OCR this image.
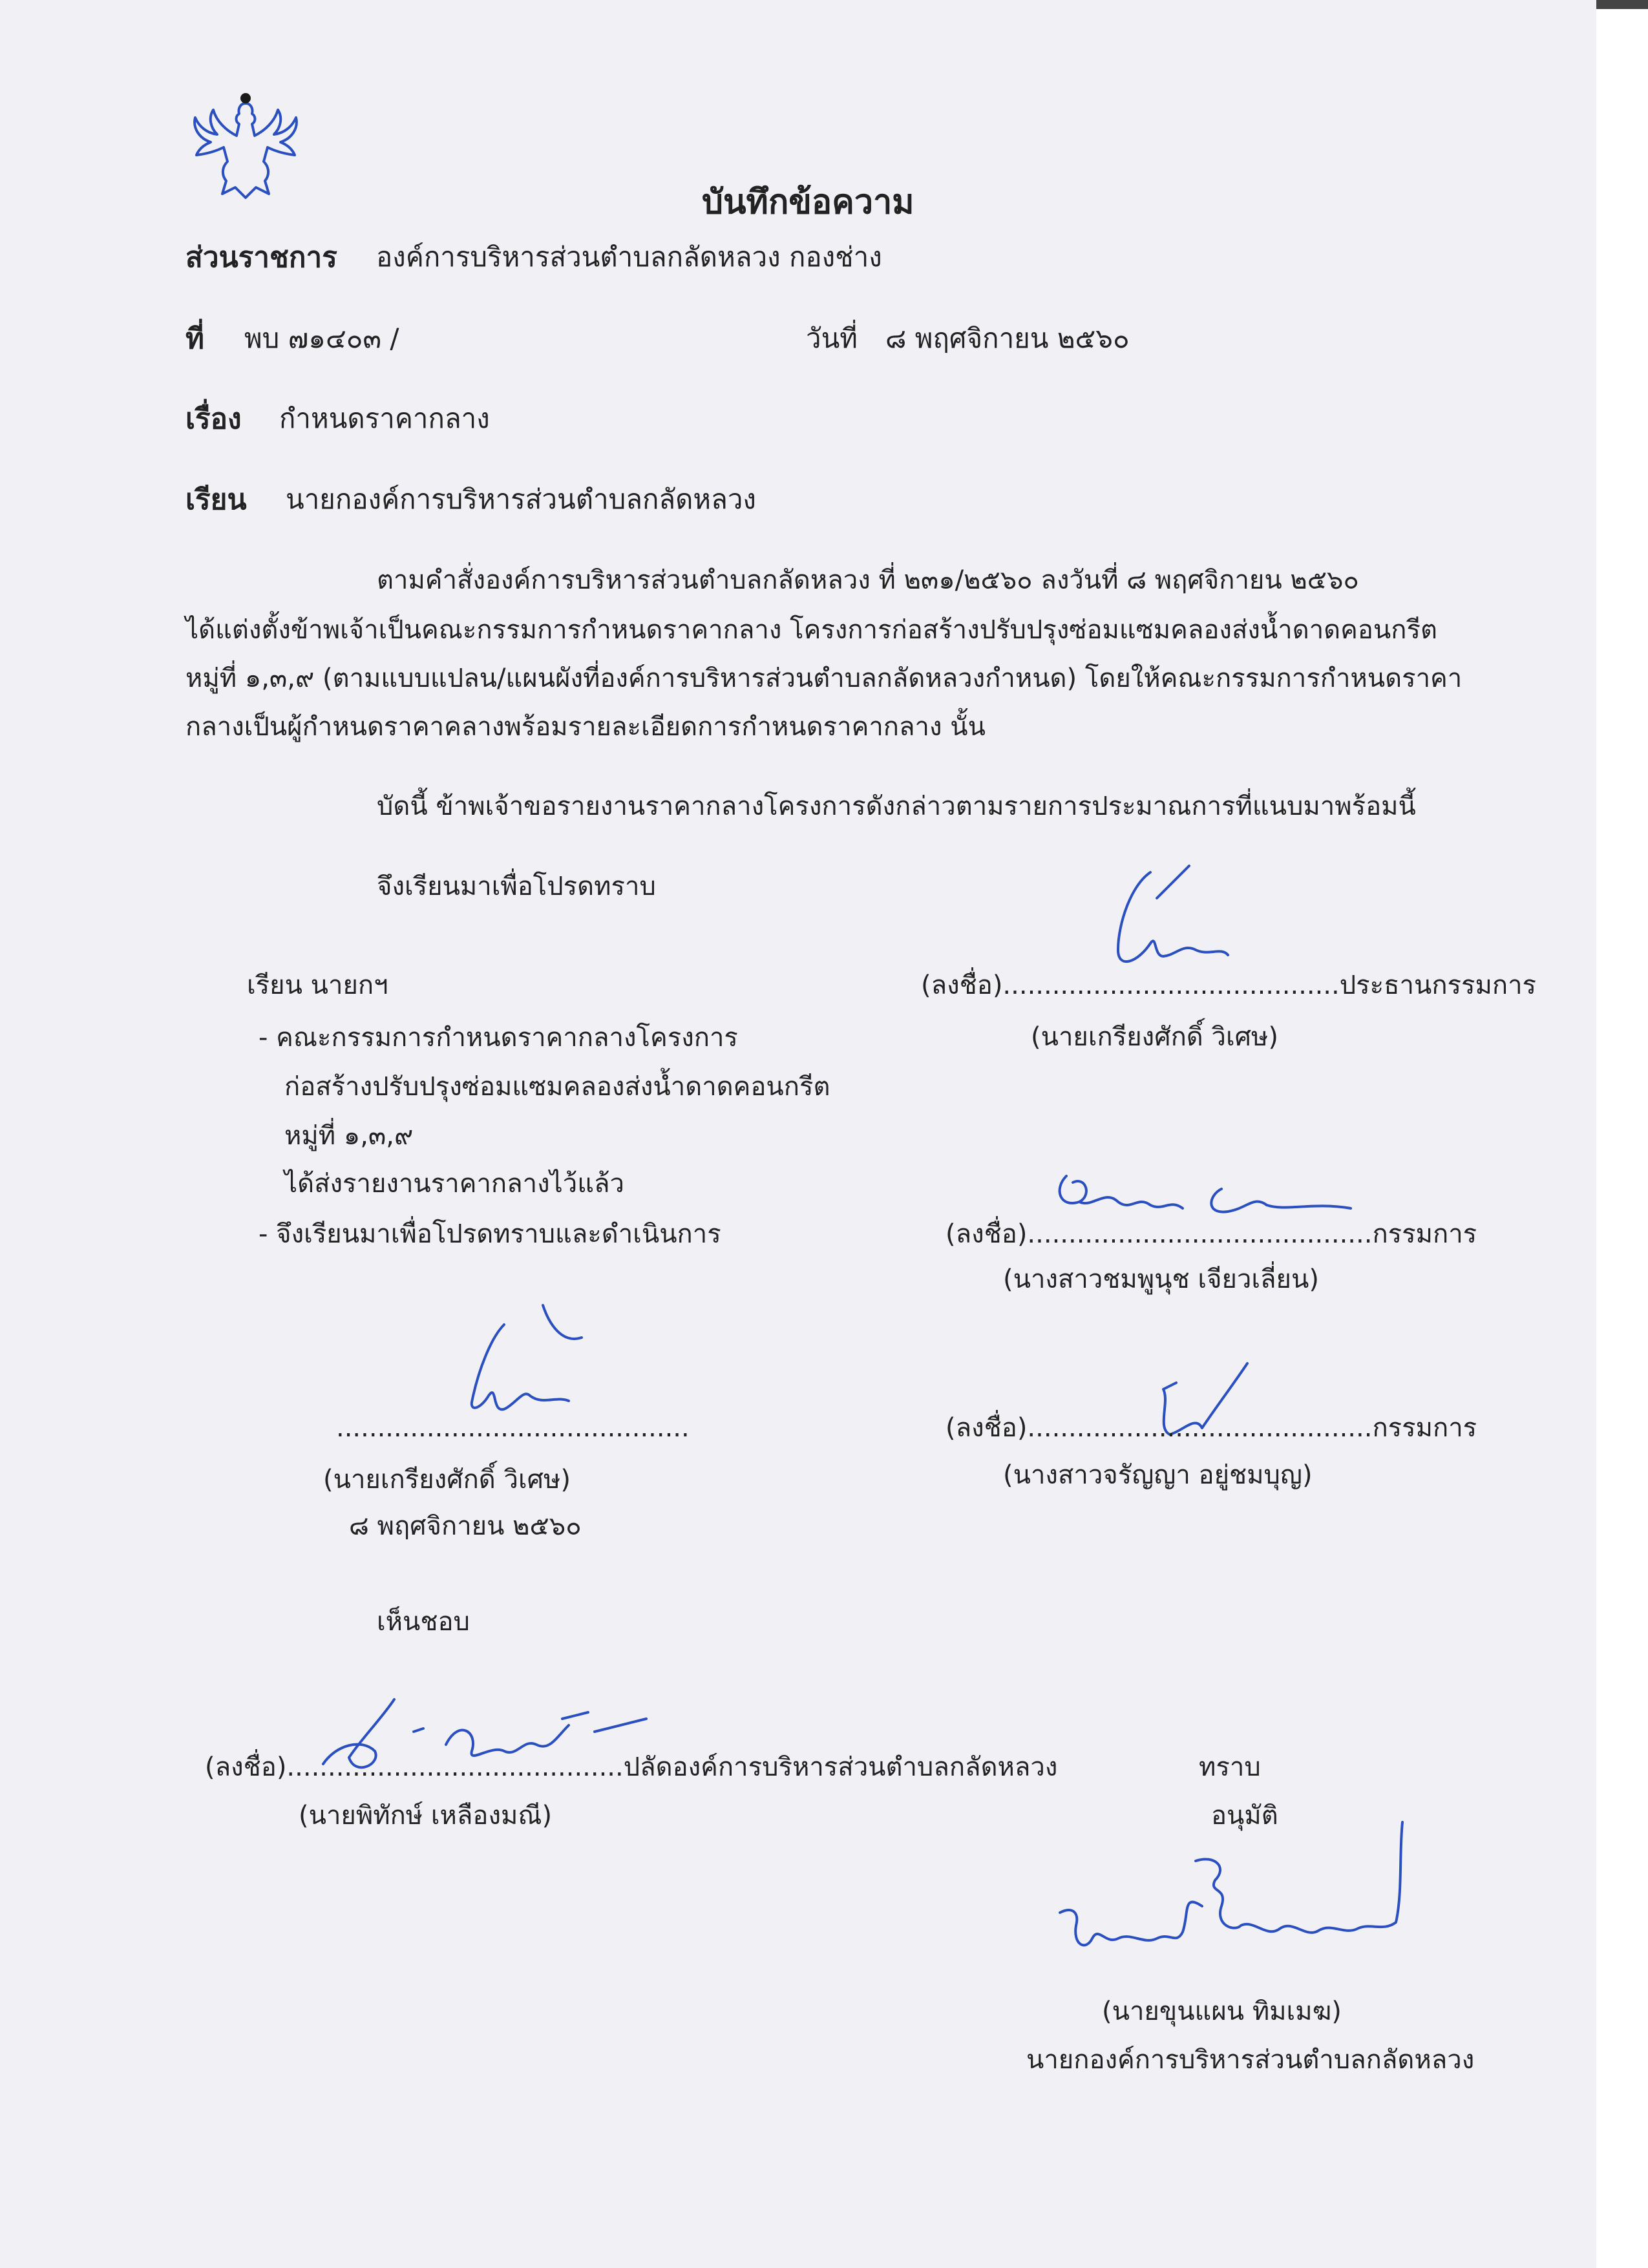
บันทึกข้อความ
ส่วนราชการ องค์การบริหารส่วนตำบลกลัดหลวง กองช่าง
ที่ พบ ๗๑๔๐๓ /	วันที่ ๘ พฤศจิกายน ๒๕๖๐
เรื่อง กำหนดราคากลาง
เรียน นายกองค์การบริหารส่วนตำบลกลัดหลวง
ตามคำสั่งองค์การบริหารส่วนตำบลกลัดหลวง ที่ ๒๓๑/๒๕๖๐ ลงวันที่ ๘ พฤศจิกายน ๒๕๖๐
ได้แต่งตั้งข้าพเจ้าเป็นคณะกรรมการกำหนดราคากลาง โครงการก่อสร้างปรับปรุงซ่อมแซมคลองส่งน้ำดาดคอนกรีต
หมู่ที่ ๑,๓,๙ (ตามแบบแปลน/แผนผังที่องค์การบริหารส่วนตำบลกลัดหลวงกำหนด) โดยให้คณะกรรมการกำหนดราคา
กลางเป็นผู้กำหนดราคาคลางพร้อมรายละเอียดการกำหนดราคากลาง นั้น
บัดนี้ ข้าพเจ้าขอรายงานราคากลางโครงการดังกล่าวตามรายการประมาณการที่แนบมาพร้อมนี้
จึงเรียนมาเพื่อโปรดทราบ
เรียน นายกฯ
- คณะกรรมการกำหนดราคากลางโครงการ
ก่อสร้างปรับปรุงซ่อมแซมคลองส่งน้ำดาดคอนกรีต
หมู่ที่ ๑,๓,๙
ได้ส่งรายงานราคากลางไว้แล้ว
- จึงเรียนมาเพื่อโปรดทราบและดำเนินการ
...........................................
(นายเกรียงศักดิ์ วิเศษ)
๘ พฤศจิกายน ๒๕๖๐
(ลงชื่อ).........................................ประธานกรรมการ
(นายเกรียงศักดิ์ วิเศษ)
(ลงชื่อ)..........................................กรรมการ
(นางสาวชมพูนุช เจียวเลี่ยน)
(ลงชื่อ)..........................................กรรมการ
(นางสาวจรัญญา อยู่ชมบุญ)
เห็นชอบ
(ลงชื่อ).........................................ปลัดองค์การบริหารส่วนตำบลกลัดหลวง
(นายพิทักษ์ เหลืองมณี)
ทราบ
อนุมัติ
(นายขุนแผน ทิมเมฆ)
นายกองค์การบริหารส่วนตำบลกลัดหลวง
